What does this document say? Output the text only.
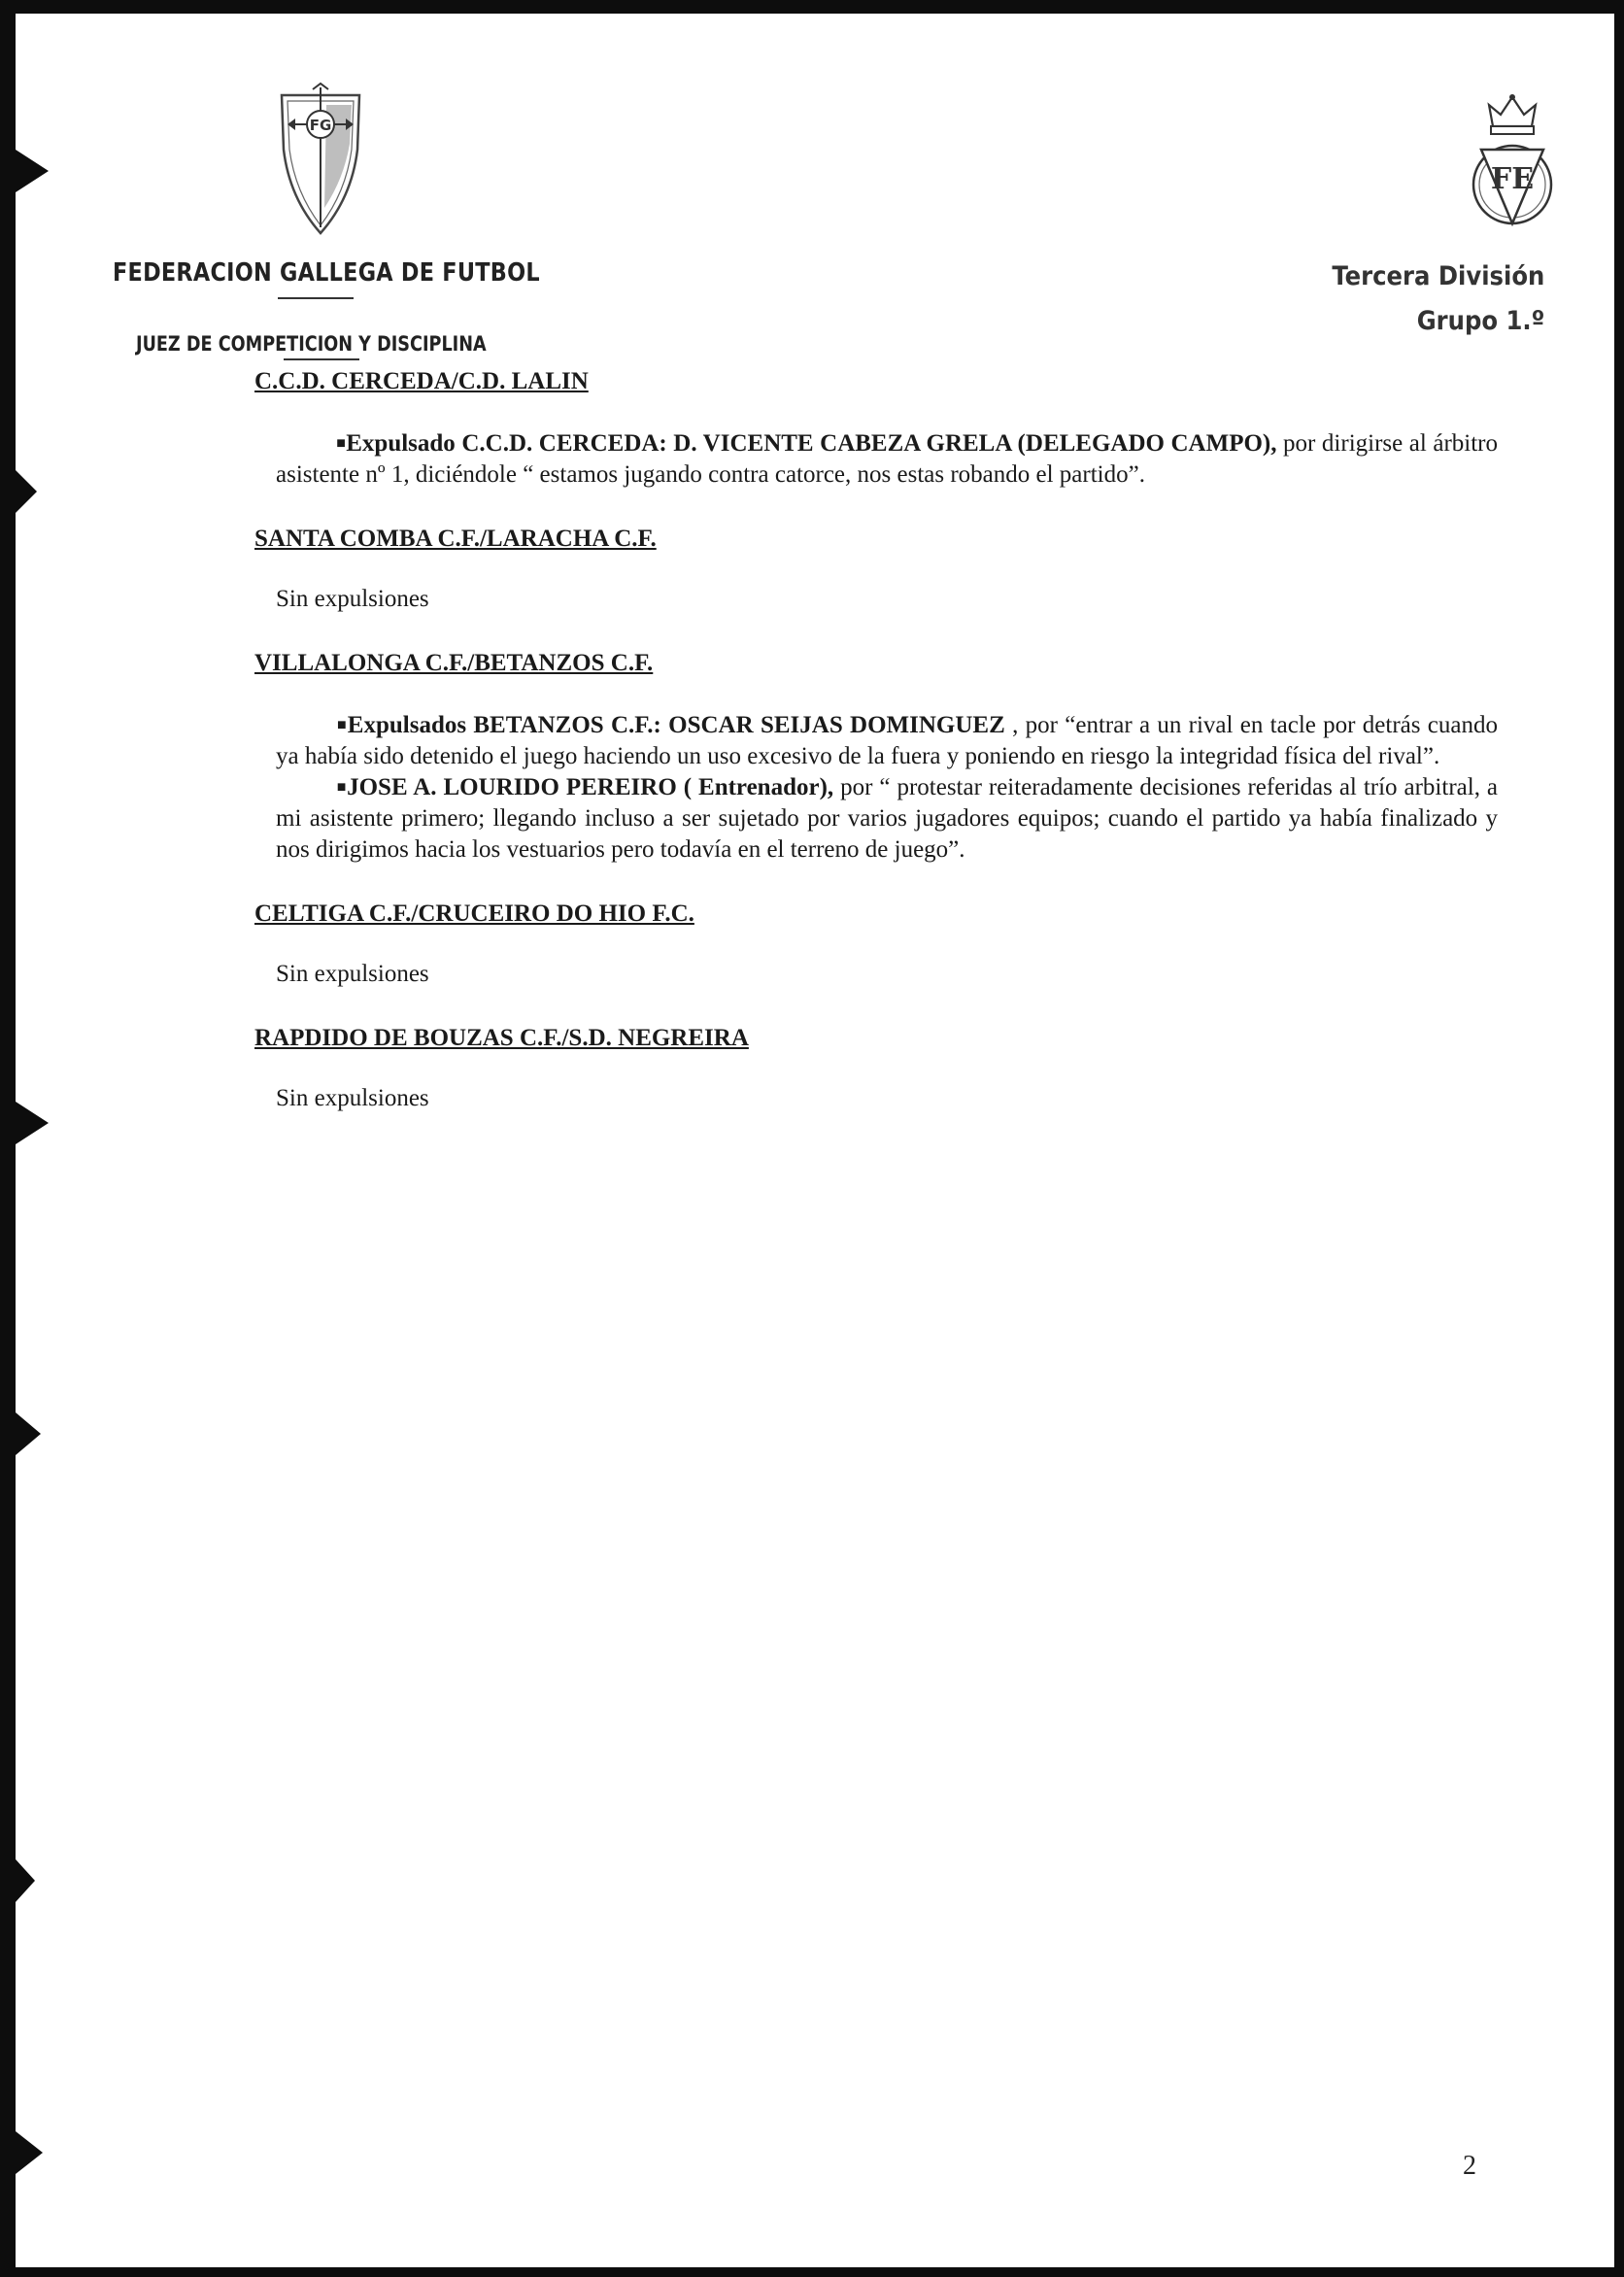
FG
FE
FEDERACION GALLEGA DE FUTBOL
JUEZ DE COMPETICION Y DISCIPLINA
Tercera División
Grupo 1.º

C.C.D. CERCEDA/C.D. LALIN

■Expulsado C.C.D. CERCEDA: D. VICENTE CABEZA GRELA (DELEGADO CAMPO), por dirigirse al árbitro asistente nº 1, diciéndole “ estamos jugando contra catorce, nos estas robando el partido”.

SANTA COMBA C.F./LARACHA C.F.

Sin expulsiones

VILLALONGA C.F./BETANZOS C.F.

■Expulsados BETANZOS C.F.: OSCAR SEIJAS DOMINGUEZ , por “entrar a un rival en tacle por detrás cuando ya había sido detenido el juego haciendo un uso excesivo de la fuera y poniendo en riesgo la integridad física del rival”.

■JOSE A. LOURIDO PEREIRO ( Entrenador), por “ protestar reiteradamente decisiones referidas al trío arbitral, a mi asistente primero; llegando incluso a ser sujetado por varios jugadores equipos; cuando el partido ya había finalizado y nos dirigimos hacia los vestuarios pero todavía en el terreno de juego”.

CELTIGA C.F./CRUCEIRO DO HIO F.C.

Sin expulsiones

RAPDIDO DE BOUZAS C.F./S.D. NEGREIRA

Sin expulsiones

2
